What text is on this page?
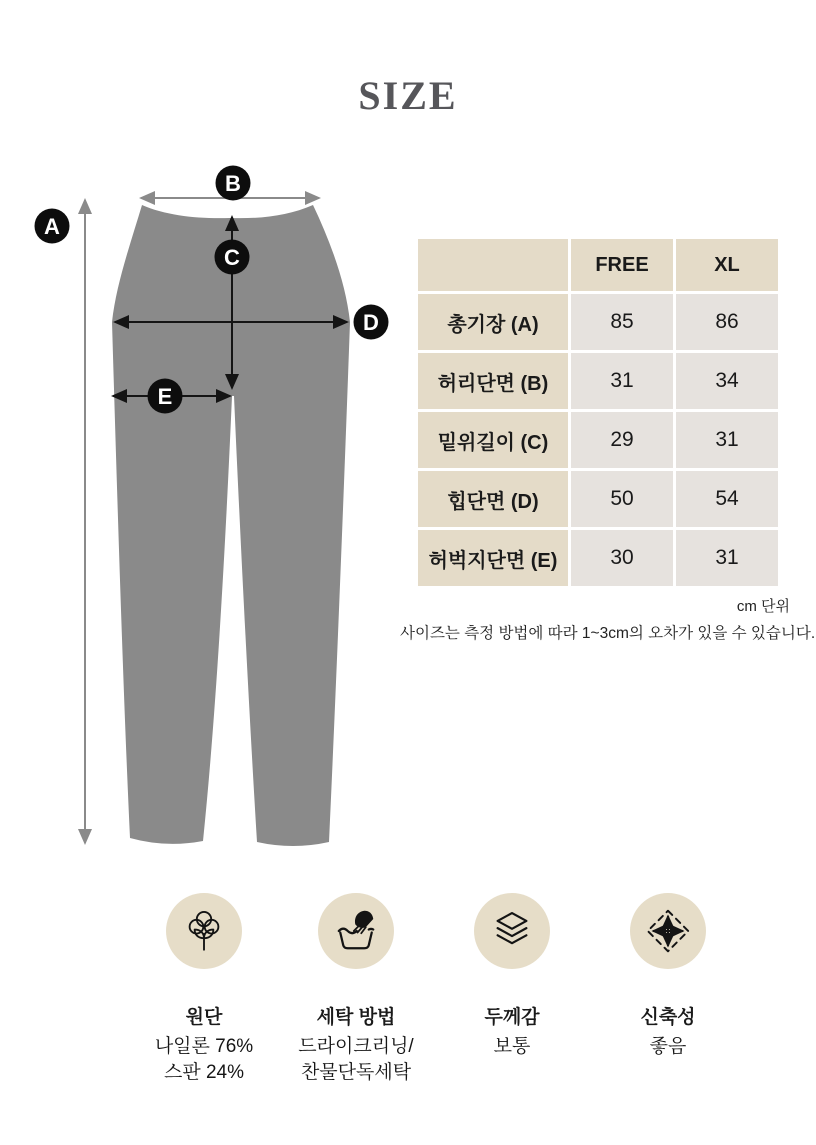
SIZE
A
B
C
D
E
	FREE	XL
총기장 (A)	85	86
허리단면 (B)	31	34
밑위길이 (C)	29	31
힙단면 (D)	50	54
허벅지단면 (E)	30	31
cm 단위
사이즈는 측정 방법에 따라 1~3cm의 오차가 있을 수 있습니다.
원단
나일론 76%
스판 24%
세탁 방법
드라이크리닝/
찬물단독세탁
두께감
보통
신축성
좋음
